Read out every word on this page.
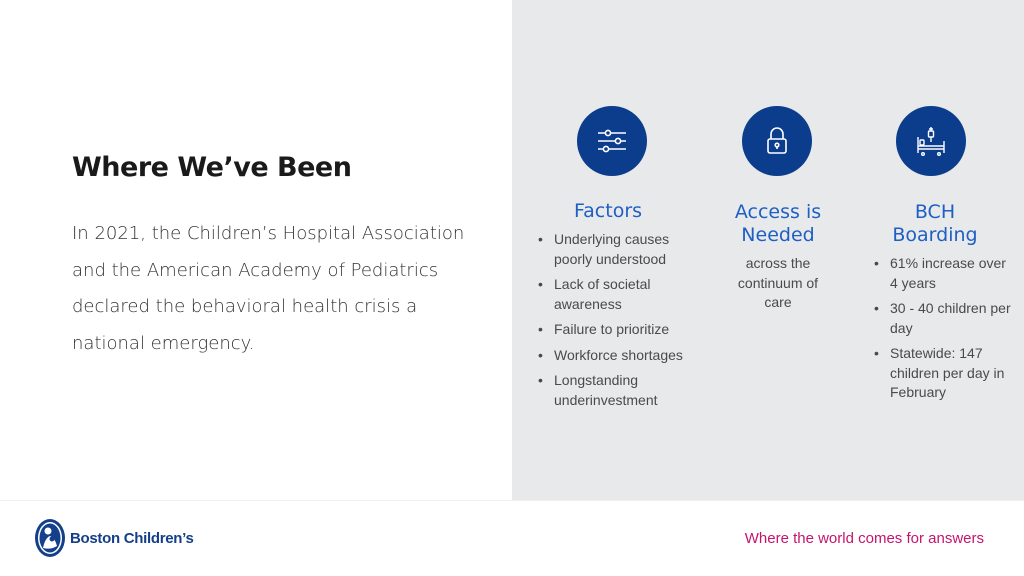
Where We’ve Been

In 2021, the Children’s Hospital Association and the American Academy of Pediatrics declared the behavioral health crisis a national emergency.

Factors
• Underlying causes poorly understood
• Lack of societal awareness
• Failure to prioritize
• Workforce shortages
• Longstanding underinvestment
Access is Needed
across the continuum of care
BCH Boarding
• 61% increase over 4 years
• 30 - 40 children per day
• Statewide: 147 children per day in February
Boston Children’s	Where the world comes for answers
